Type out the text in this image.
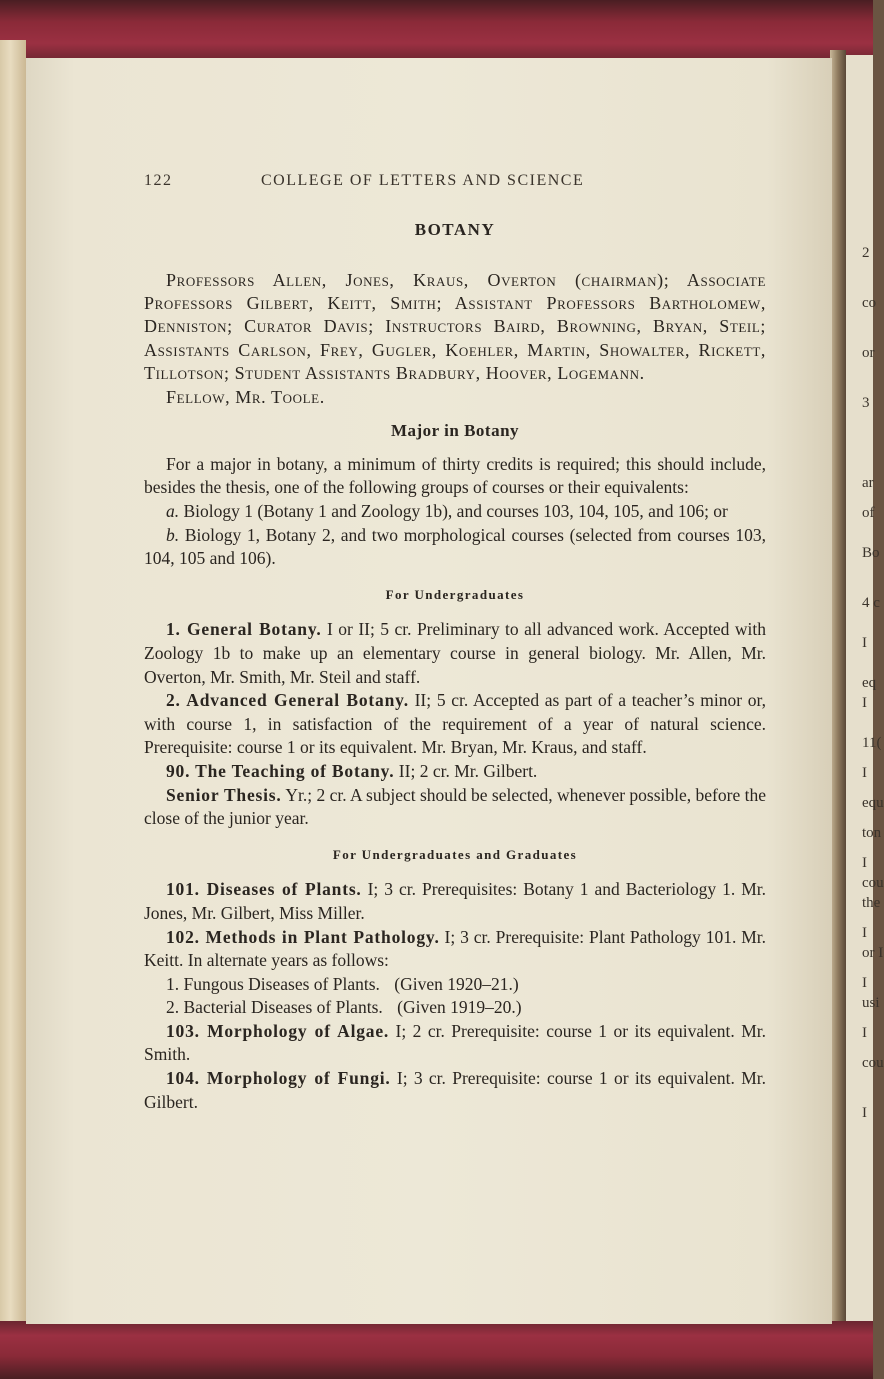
2
co
or
3
ar
of
Bo
4 c
I
eq
I
11(
I
equ
ton
I
cou
the
I
or I
I
usi
I
cou
I
122	COLLEGE OF LETTERS AND SCIENCE

BOTANY

Professors Allen, Jones, Kraus, Overton (chairman); Associate Professors Gilbert, Keitt, Smith; Assistant Professors Bartholomew, Denniston; Curator Davis; Instructors Baird, Browning, Bryan, Steil; Assistants Carlson, Frey, Gugler, Koehler, Martin, Showalter, Rickett, Tillotson; Student Assistants Bradbury, Hoover, Logemann.

Fellow, Mr. Toole.

Major in Botany

For a major in botany, a minimum of thirty credits is required; this should include, besides the thesis, one of the following groups of courses or their equivalents:

a. Biology 1 (Botany 1 and Zoology 1b), and courses 103, 104, 105, and 106; or

b. Biology 1, Botany 2, and two morphological courses (selected from courses 103, 104, 105 and 106).

For Undergraduates

1. General Botany. I or II; 5 cr. Preliminary to all advanced work. Accepted with Zoology 1b to make up an elementary course in general biology. Mr. Allen, Mr. Overton, Mr. Smith, Mr. Steil and staff.

2. Advanced General Botany. II; 5 cr. Accepted as part of a teacher’s minor or, with course 1, in satisfaction of the requirement of a year of natural science. Prerequisite: course 1 or its equivalent. Mr. Bryan, Mr. Kraus, and staff.

90. The Teaching of Botany. II; 2 cr. Mr. Gilbert.

Senior Thesis. Yr.; 2 cr. A subject should be selected, whenever possible, before the close of the junior year.

For Undergraduates and Graduates

101. Diseases of Plants. I; 3 cr. Prerequisites: Botany 1 and Bacteriology 1. Mr. Jones, Mr. Gilbert, Miss Miller.

102. Methods in Plant Pathology. I; 3 cr. Prerequisite: Plant Pathology 101. Mr. Keitt. In alternate years as follows:

1. Fungous Diseases of Plants. (Given 1920–21.)

2. Bacterial Diseases of Plants. (Given 1919–20.)

103. Morphology of Algae. I; 2 cr. Prerequisite: course 1 or its equivalent. Mr. Smith.

104. Morphology of Fungi. I; 3 cr. Prerequisite: course 1 or its equivalent. Mr. Gilbert.
